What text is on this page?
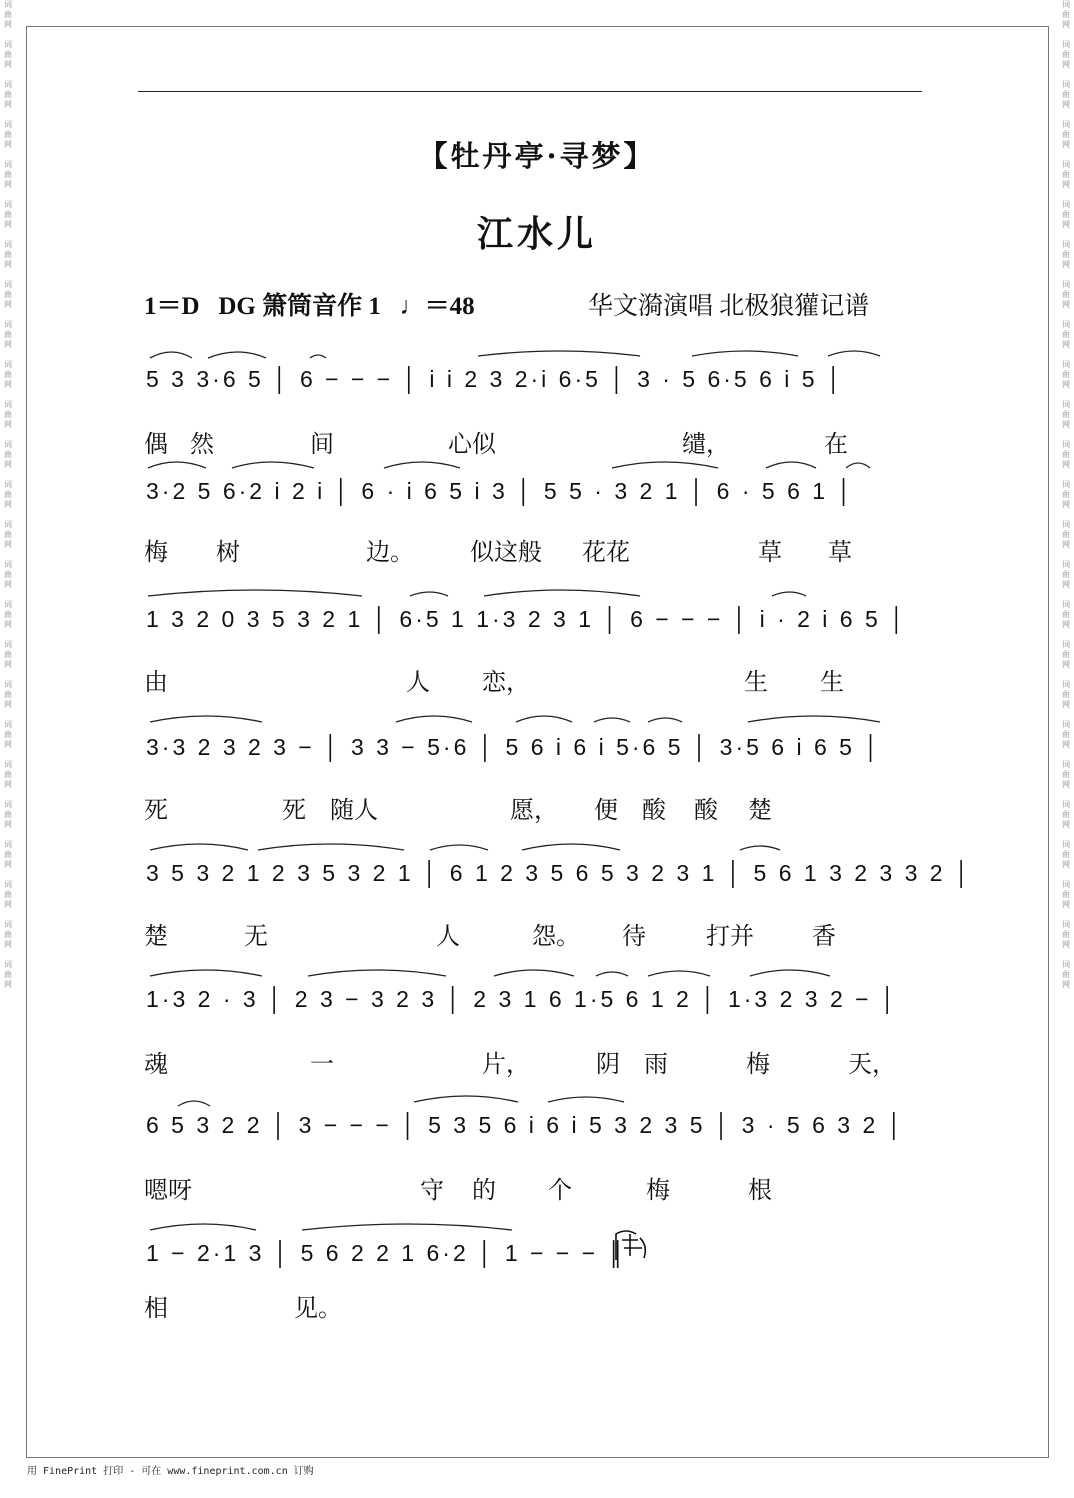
词
曲
网

词
曲
网

词
曲
网

词
曲
网

词
曲
网

词
曲
网

词
曲
网

词
曲
网

词
曲
网

词
曲
网

词
曲
网

词
曲
网

词
曲
网

词
曲
网

词
曲
网

词
曲
网

词
曲
网

词
曲
网

词
曲
网

词
曲
网

词
曲
网

词
曲
网

词
曲
网

词
曲
网

词
曲
网

词
曲
网

词
曲
网

词
曲
网

词
曲
网

词
曲
网

词
曲
网

词
曲
网

词
曲
网

词
曲
网

词
曲
网

词
曲
网

词
曲
网

词
曲
网

词
曲
网

词
曲
网

词
曲
网

词
曲
网

词
曲
网

词
曲
网

词
曲
网

词
曲
网

词
曲
网

词
曲
网

词
曲
网

词
曲
网

【牡丹亭·寻梦】
江水儿
1＝D DG 箫筒音作 1 ♩＝48	华文漪演唱 北极狼獾记谱
5 3 3·6 5 │ 6 − − − │ i i 2 3 2·i 6·5 │ 3 · 5 6·5 6 i 5 │
偶 然	间	心似	缱，	在
3·2 5 6·2 i 2 i │ 6 · i 6 5 i 3 │ 5 5 · 3 2 1 │ 6 · 5 6 1 │
梅 树	边。 似这般 花花	草 草
1 3 2 0 3 5 3 2 1 │ 6·5 1 1·3 2 3 1 │ 6 − − − │ i · 2 i 6 5 │
由	人 恋，	生 生
3·3 2 3 2 3 − │ 3 3 − 5·6 │ 5 6 i 6 i 5·6 5 │ 3·5 6 i 6 5 │
死	死 随人	愿， 便 酸 酸 楚
3 5 3 2 1 2 3 5 3 2 1 │ 6 1 2 3 5 6 5 3 2 3 1 │ 5 6 1 3 2 3 3 2 │
楚	无	人	怨。 待	打并 香
1·3 2 · 3 │ 2 3 − 3 2 3 │ 2 3 1 6 1·5 6 1 2 │ 1·3 2 3 2 − │
魂	一	片，	阴 雨	梅	天，
6 5 3 2 2 │ 3 − − − │ 5 3 5 6 i 6 i 5 3 2 3 5 │ 3 · 5 6 3 2 │
嗯呀	守 的 个	梅	根
1 − 2·1 3 │ 5 6 2 2 1 6·2 │ 1 − − − ║
相	见。
用 FinePrint 打印 - 可在 www.fineprint.com.cn 订购
